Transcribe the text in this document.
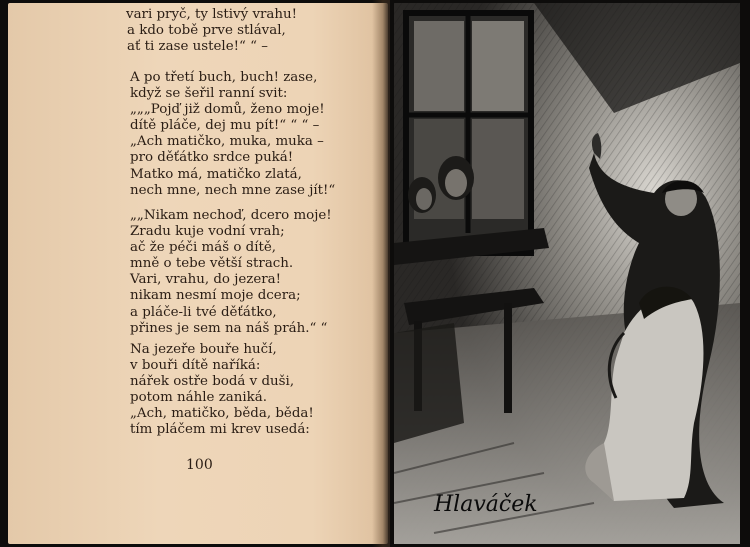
vari pryč, ty lstivý vrahu!
a kdo tobě prve stlával,
ať ti zase ustele!“ “ –
A po třetí buch, buch! zase,
když se šeřil ranní svit:
„„„Pojď již domů, ženo moje!
dítě pláče, dej mu pít!“ “ “ –
„Ach matičko, muka, muka –
pro děťátko srdce puká!
Matko má, matičko zlatá,
nech mne, nech mne zase jít!“
„„Nikam nechoď, dcero moje!
Zradu kuje vodní vrah;
ač že péči máš o dítě,
mně o tebe větší strach.
Vari, vrahu, do jezera!
nikam nesmí moje dcera;
a pláče-li tvé děťátko,
přines je sem na náš práh.“ “
Na jezeře bouře hučí,
v bouři dítě naříká:
nářek ostře bodá v duši,
potom náhle zaniká.
„Ach, matičko, běda, běda!
tím pláčem mi krev usedá:
100
Hlaváček
